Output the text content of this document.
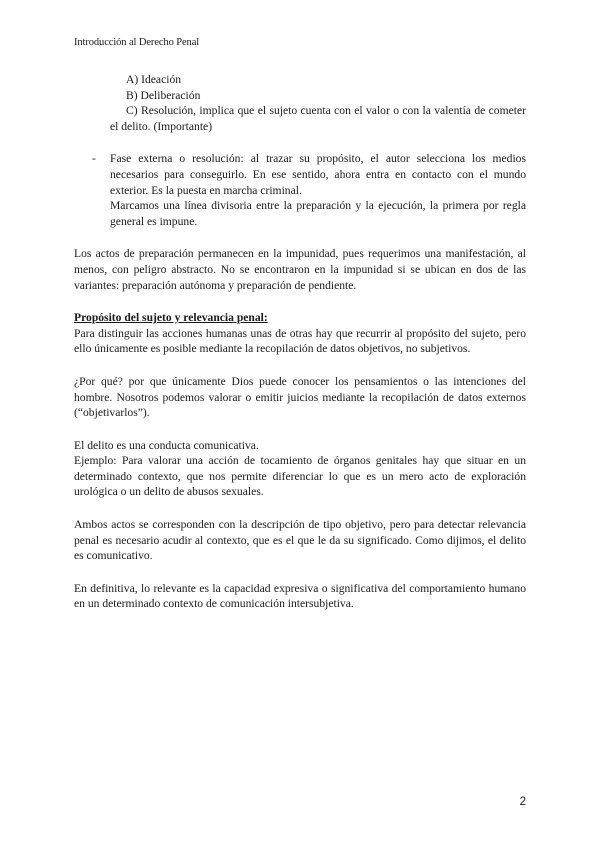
Introducción al Derecho Penal

A) Ideación

B) Deliberación

C) Resolución, implica que el sujeto cuenta con el valor o con la valentía de cometer el delito. (Importante)

- Fase externa o resolución: al trazar su propósito, el autor selecciona los medios necesarios para conseguirlo. En ese sentido, ahora entra en contacto con el mundo exterior. Es la puesta en marcha criminal.

Marcamos una línea divisoria entre la preparación y la ejecución, la primera por regla general es impune.

Los actos de preparación permanecen en la impunidad, pues requerimos una manifestación, al menos, con peligro abstracto. No se encontraron en la impunidad si se ubican en dos de las variantes: preparación autónoma y preparación de pendiente.

Propósito del sujeto y relevancia penal:

Para distinguir las acciones humanas unas de otras hay que recurrir al propósito del sujeto, pero ello únicamente es posible mediante la recopilación de datos objetivos, no subjetivos.

¿Por qué? por que únicamente Dios puede conocer los pensamientos o las intenciones del hombre. Nosotros podemos valorar o emitir juicios mediante la recopilación de datos externos (“objetivarlos”).

El delito es una conducta comunicativa.

Ejemplo: Para valorar una acción de tocamiento de órganos genitales hay que situar en un determinado contexto, que nos permite diferenciar lo que es un mero acto de exploración urológica o un delito de abusos sexuales.

Ambos actos se corresponden con la descripción de tipo objetivo, pero para detectar relevancia penal es necesario acudir al contexto, que es el que le da su significado. Como dijimos, el delito es comunicativo.

En definitiva, lo relevante es la capacidad expresiva o significativa del comportamiento humano en un determinado contexto de comunicación intersubjetiva.

2
